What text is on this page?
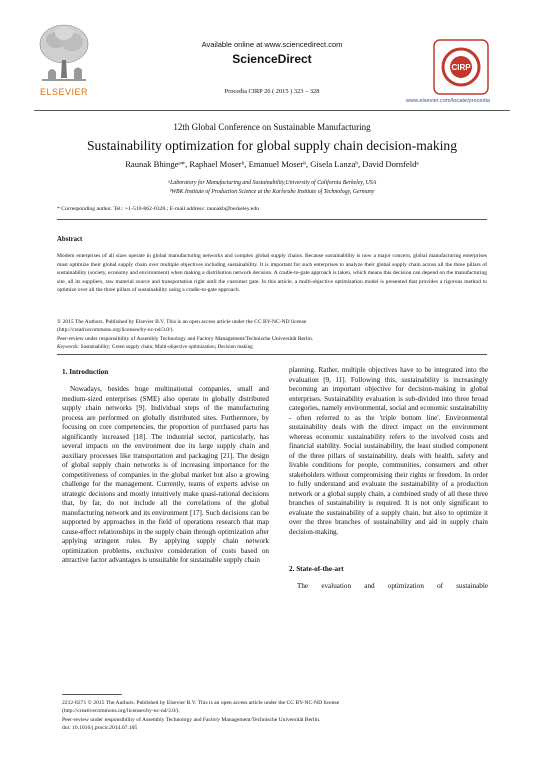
ELSEVIER
Available online at www.sciencedirect.com
ScienceDirect
Procedia CIRP 26 ( 2015 ) 323 – 328
CIRP
www.elsevier.com/locate/procedia
12th Global Conference on Sustainable Manufacturing
Sustainability optimization for global supply chain decision-making
Raunak Bhingeᵃ*, Raphael Moserᵇ, Emanuel Moserᵇ, Gisela Lanzaᵇ, David Dornfeldᵃ
ᵃLaboratory for Manufacturing and Sustainability,University of California Berkeley, USA
ᵇWBK Institute of Production Science at the Karlsruhe Institute of Technology, Germany
* Corresponding author. Tel.: +1-510-862-0328.; E-mail address: raunakb@berkeley.edu
Abstract
Modern enterprises of all sizes operate in global manufacturing networks and complex global supply chains. Because sustainability is now a major concern, global manufacturing enterprises must optimize their global supply chain over multiple objectives including sustainability. It is important for such enterprises to analyze their global supply chain across all the three pillars of sustainability (society, economy and environment) when making a distribution network decision. A cradle-to-gate approach is taken, which means this decision can depend on the manufacturing site, all its suppliers, raw material source and transportation right until the customer gate. In this article, a multi-objective optimization model is presented that provides a rigorous method to optimize over all the three pillars of sustainability using a cradle-to-gate approach.
© 2015 The Authors. Published by Elsevier B.V. This is an open access article under the CC BY-NC-ND license
(http://creativecommons.org/licenses/by-nc-nd/3.0/).
Peer-review under responsibility of Assembly Technology and Factory Management/Technische Universität Berlin.
Keywords: Sustainability; Green supply chain; Multi-objective optimization; Decision making
1. Introduction
Nowadays, besides huge multinational companies, small and medium-sized enterprises (SME) also operate in globally distributed supply chain networks [9]. Individual steps of the manufacturing process are performed on globally distributed sites. Furthermore, by focusing on core competencies, the proportion of purchased parts has significantly increased [18]. The industrial sector, particularly, has several impacts on the environment due its large supply chain and auxiliary processes like transportation and packaging [21]. The design of global supply chain networks is of increasing importance for the competitiveness of companies in the global market but also a growing challenge for the management. Currently, teams of experts advise on strategic decisions and mostly intuitively make quasi-rational decisions that, by far, do not include all the correlations of the global manufacturing network and its environment [17]. Such decisions can be supported by approaches in the field of operations research that map cause-effect relationships in the supply chain through optimization after applying stringent rules. By applying supply chain network optimization problems, exclusive consideration of costs based on attractive factor advantages is unsuitable for sustainable supply chain
planning. Rather, multiple objectives have to be integrated into the evaluation [9, 11]. Following this, sustainability is increasingly becoming an important objective for decision-making in global enterprises. Sustainability evaluation is sub-divided into three broad categories, namely environmental, social and economic sustainability - often referred to as the 'triple bottom line'. Environmental sustainability deals with the direct impact on the environment whereas economic sustainability refers to the involved costs and financial stability. Social sustainability, the least studied component of the three pillars of sustainability, deals with health, safety and livable conditions for people, communities, consumers and other stakeholders without compromising their rights or freedom. In order to fully understand and evaluate the sustainability of a production network or a global supply chain, a combined study of all these three branches of sustainability is required. It is not only significant to evaluate the sustainability of a supply chain, but also to optimize it over the three branches of sustainability and aid in supply chain decision-making.
2. State-of-the-art
The evaluation and optimization of sustainable
2212-8271 © 2015 The Authors. Published by Elsevier B.V. This is an open access article under the CC BY-NC-ND license
(http://creativecommons.org/licenses/by-nc-nd/3.0/).
Peer-review under responsibility of Assembly Technology and Factory Management/Technische Universität Berlin.
doi: 10.1016/j.procir.2014.07.105
